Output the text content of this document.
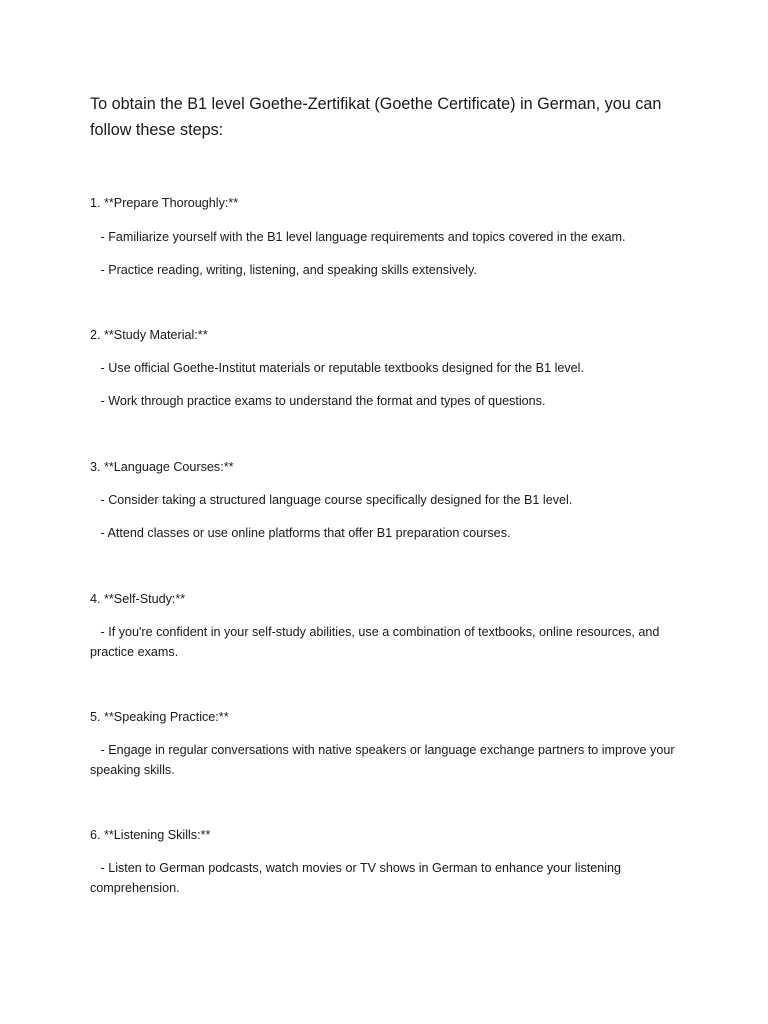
To obtain the B1 level Goethe-Zertifikat (Goethe Certificate) in German, you can follow these steps:

1. **Prepare Thoroughly:**

- Familiarize yourself with the B1 level language requirements and topics covered in the exam.

- Practice reading, writing, listening, and speaking skills extensively.

2. **Study Material:**

- Use official Goethe-Institut materials or reputable textbooks designed for the B1 level.

- Work through practice exams to understand the format and types of questions.

3. **Language Courses:**

- Consider taking a structured language course specifically designed for the B1 level.

- Attend classes or use online platforms that offer B1 preparation courses.

4. **Self-Study:**

- If you're confident in your self-study abilities, use a combination of textbooks, online resources, and practice exams.

5. **Speaking Practice:**

- Engage in regular conversations with native speakers or language exchange partners to improve your speaking skills.

6. **Listening Skills:**

- Listen to German podcasts, watch movies or TV shows in German to enhance your listening comprehension.
